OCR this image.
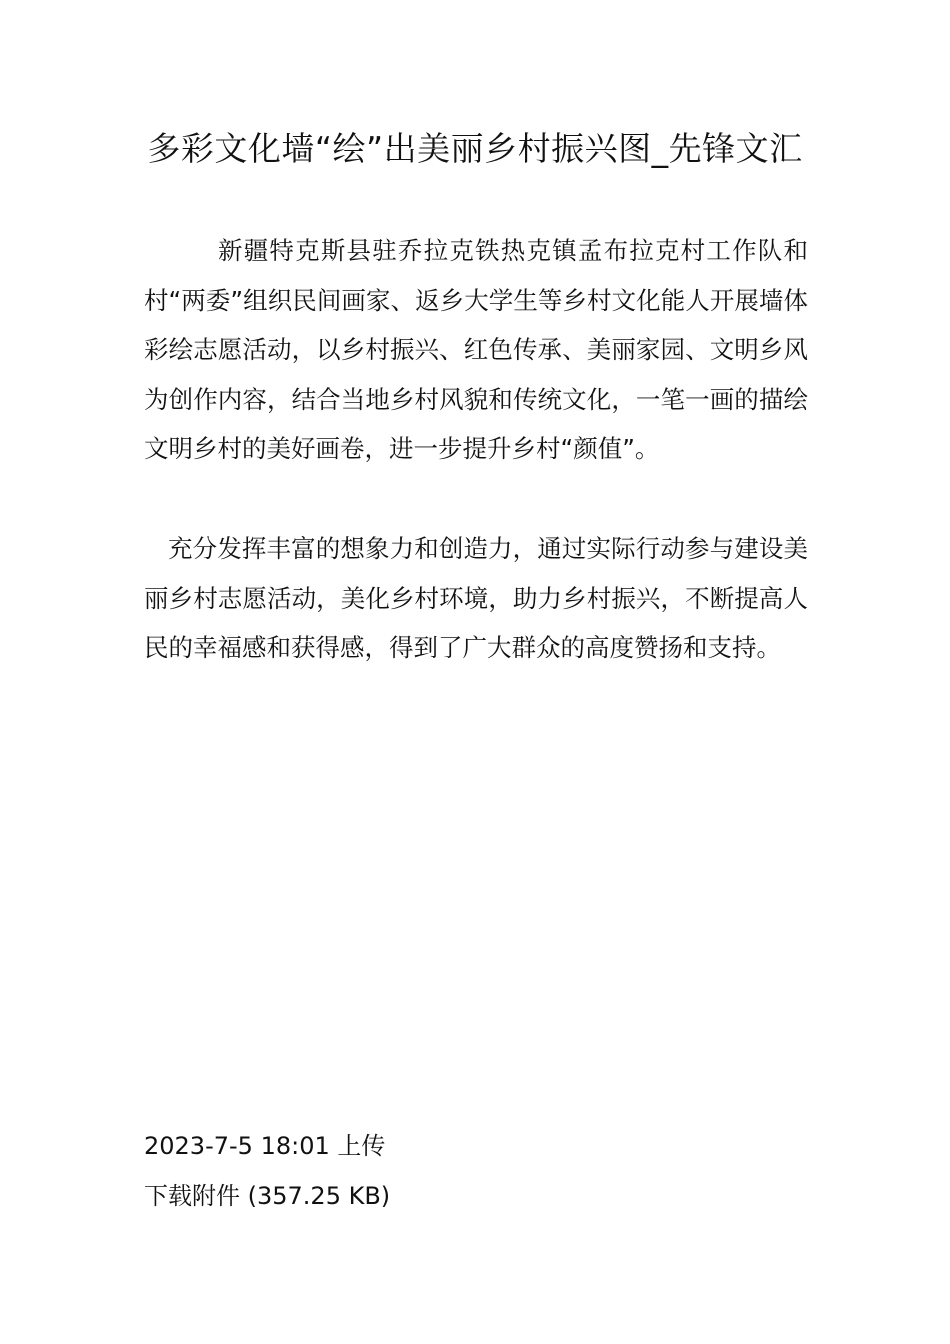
多彩文化墙“绘”出美丽乡村振兴图_先锋文汇

新疆特克斯县驻乔拉克铁热克镇孟布拉克村工作队和村“两委”组织民间画家、返乡大学生等乡村文化能人开展墙体彩绘志愿活动，以乡村振兴、红色传承、美丽家园、文明乡风为创作内容，结合当地乡村风貌和传统文化，一笔一画的描绘文明乡村的美好画卷，进一步提升乡村“颜值”。

充分发挥丰富的想象力和创造力，通过实际行动参与建设美丽乡村志愿活动，美化乡村环境，助力乡村振兴，不断提高人民的幸福感和获得感，得到了广大群众的高度赞扬和支持。

2023-7-5 18:01 上传

下载附件 (357.25 KB)
